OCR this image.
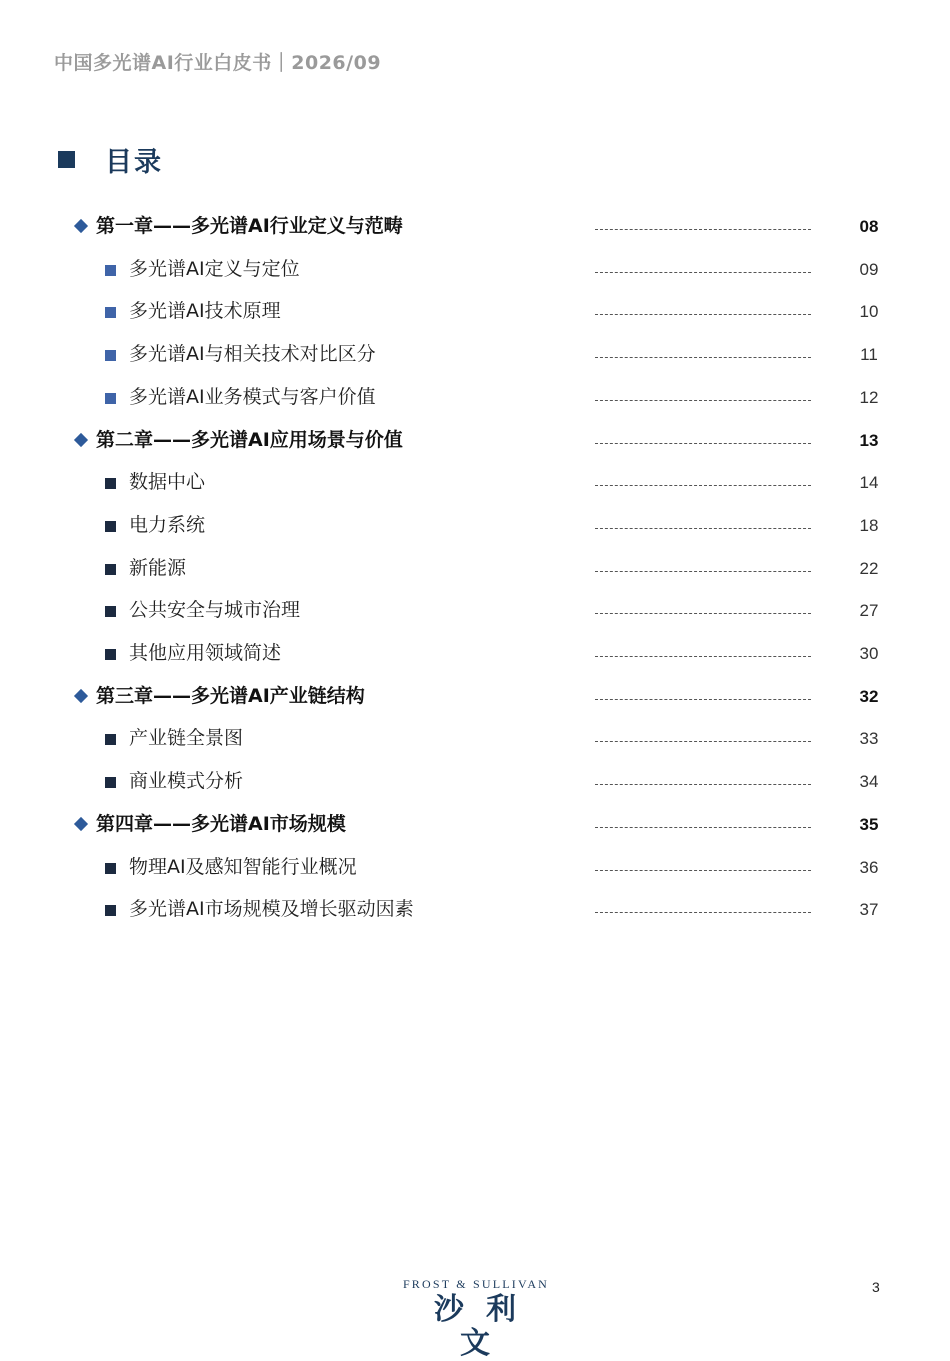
中国多光谱AI行业白皮书｜2026/09
目录
第一章——多光谱AI行业定义与范畴	08
多光谱AI定义与定位	09
多光谱AI技术原理	10
多光谱AI与相关技术对比区分	11
多光谱AI业务模式与客户价值	12
第二章——多光谱AI应用场景与价值	13
数据中心	14
电力系统	18
新能源	22
公共安全与城市治理	27
其他应用领域简述	30
第三章——多光谱AI产业链结构	32
产业链全景图	33
商业模式分析	34
第四章——多光谱AI市场规模	35
物理AI及感知智能行业概况	36
多光谱AI市场规模及增长驱动因素	37
FROST & SULLIVAN
沙利文
3
